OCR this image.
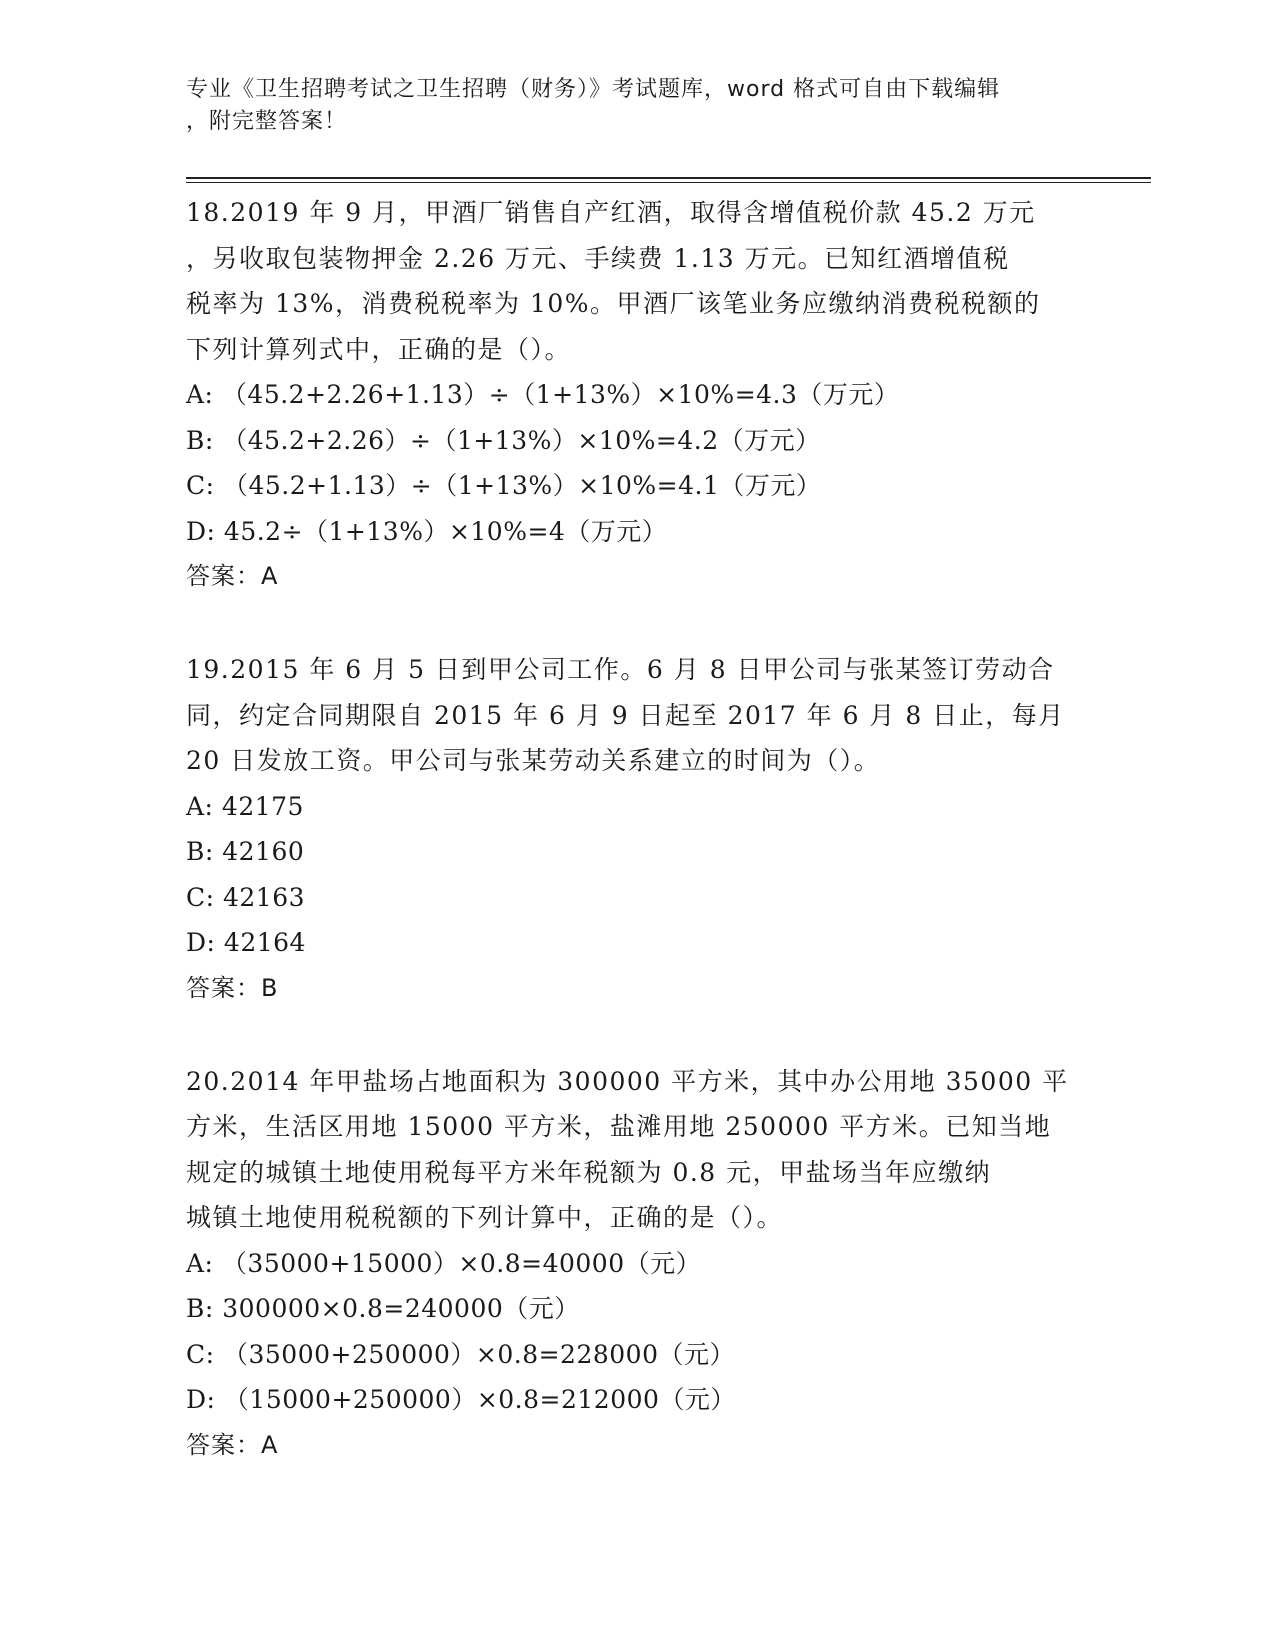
专业《卫生招聘考试之卫生招聘（财务）》考试题库，word 格式可自由下载编辑

，附完整答案！

18.2019 年 9 月，甲酒厂销售自产红酒，取得含增值税价款 45.2 万元

，另收取包装物押金 2.26 万元、手续费 1.13 万元。已知红酒增值税

税率为 13%，消费税税率为 10%。甲酒厂该笔业务应缴纳消费税税额的

下列计算列式中，正确的是（）。

A: （45.2+2.26+1.13）÷（1+13%）×10%=4.3（万元）

B: （45.2+2.26）÷（1+13%）×10%=4.2（万元）

C: （45.2+1.13）÷（1+13%）×10%=4.1（万元）

D: 45.2÷（1+13%）×10%=4（万元）

答案：A

19.2015 年 6 月 5 日到甲公司工作。6 月 8 日甲公司与张某签订劳动合

同，约定合同期限自 2015 年 6 月 9 日起至 2017 年 6 月 8 日止，每月

20 日发放工资。甲公司与张某劳动关系建立的时间为（）。

A: 42175

B: 42160

C: 42163

D: 42164

答案：B

20.2014 年甲盐场占地面积为 300000 平方米，其中办公用地 35000 平

方米，生活区用地 15000 平方米，盐滩用地 250000 平方米。已知当地

规定的城镇土地使用税每平方米年税额为 0.8 元，甲盐场当年应缴纳

城镇土地使用税税额的下列计算中，正确的是（）。

A: （35000+15000）×0.8=40000（元）

B: 300000×0.8=240000（元）

C: （35000+250000）×0.8=228000（元）

D: （15000+250000）×0.8=212000（元）

答案：A
